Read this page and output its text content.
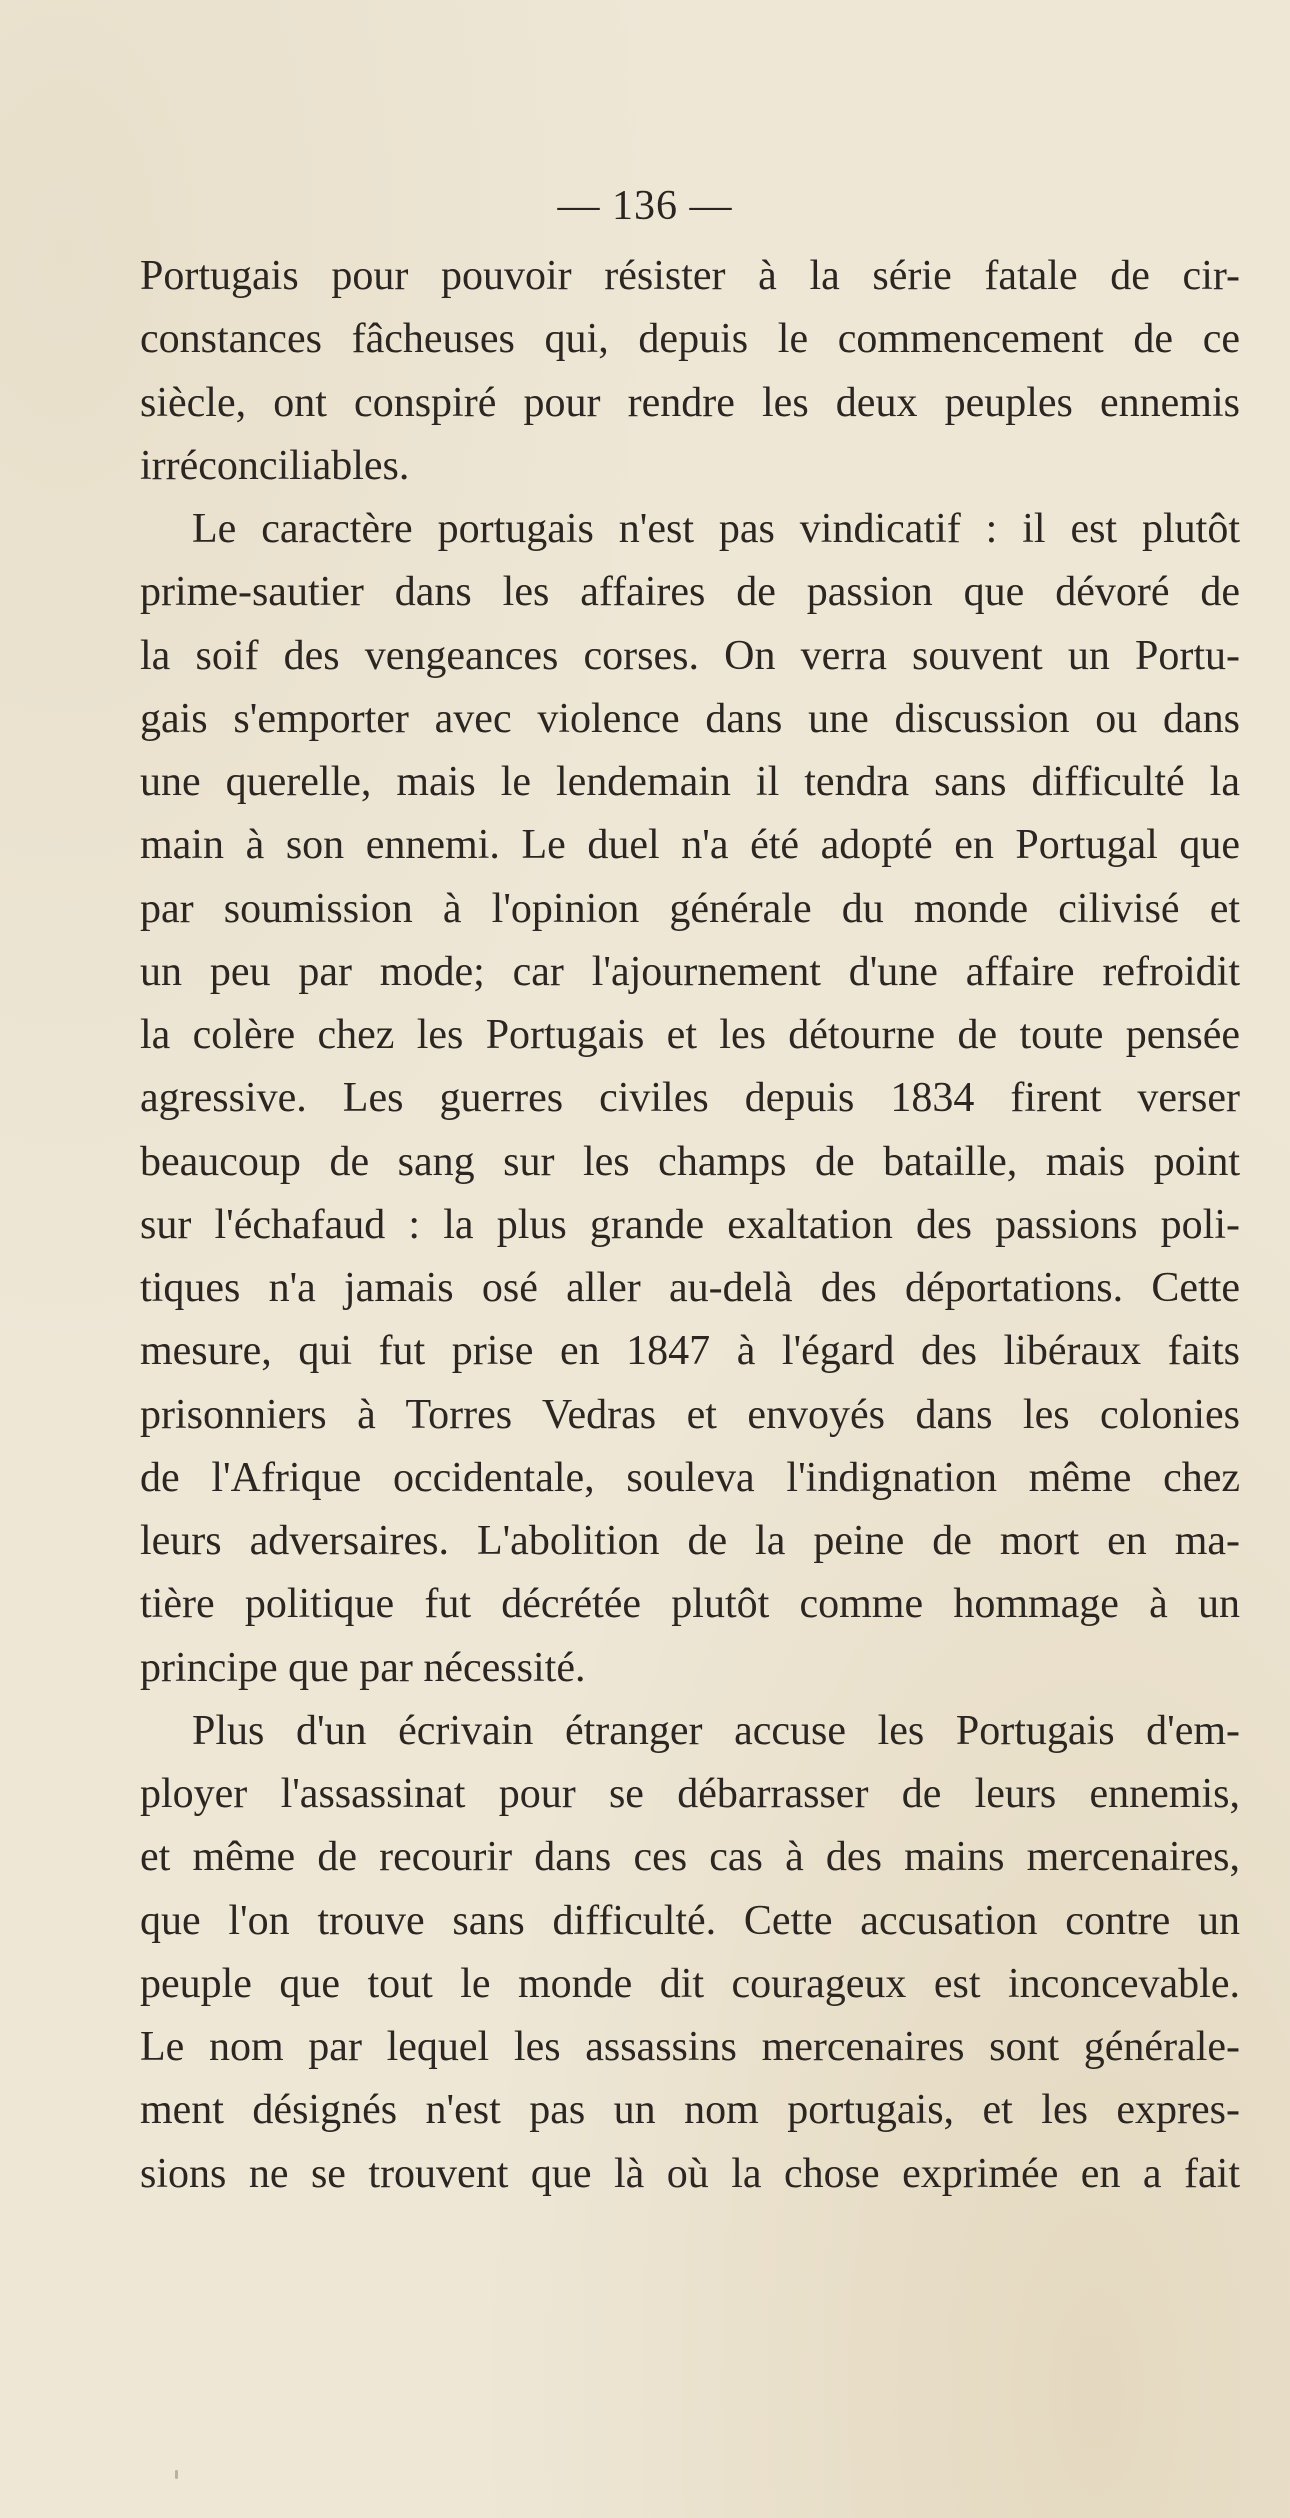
— 136 —
Portugais pour pouvoir résister à la série fatale de cir-
constances fâcheuses qui, depuis le commencement de ce
siècle, ont conspiré pour rendre les deux peuples ennemis
irréconciliables.
Le caractère portugais n'est pas vindicatif : il est plutôt
prime-sautier dans les affaires de passion que dévoré de
la soif des vengeances corses. On verra souvent un Portu-
gais s'emporter avec violence dans une discussion ou dans
une querelle, mais le lendemain il tendra sans difficulté la
main à son ennemi. Le duel n'a été adopté en Portugal que
par soumission à l'opinion générale du monde cilivisé et
un peu par mode; car l'ajournement d'une affaire refroidit
la colère chez les Portugais et les détourne de toute pensée
agressive. Les guerres civiles depuis 1834 firent verser
beaucoup de sang sur les champs de bataille, mais point
sur l'échafaud : la plus grande exaltation des passions poli-
tiques n'a jamais osé aller au-delà des déportations. Cette
mesure, qui fut prise en 1847 à l'égard des libéraux faits
prisonniers à Torres Vedras et envoyés dans les colonies
de l'Afrique occidentale, souleva l'indignation même chez
leurs adversaires. L'abolition de la peine de mort en ma-
tière politique fut décrétée plutôt comme hommage à un
principe que par nécessité.
Plus d'un écrivain étranger accuse les Portugais d'em-
ployer l'assassinat pour se débarrasser de leurs ennemis,
et même de recourir dans ces cas à des mains mercenaires,
que l'on trouve sans difficulté. Cette accusation contre un
peuple que tout le monde dit courageux est inconcevable.
Le nom par lequel les assassins mercenaires sont générale-
ment désignés n'est pas un nom portugais, et les expres-
sions ne se trouvent que là où la chose exprimée en a fait
